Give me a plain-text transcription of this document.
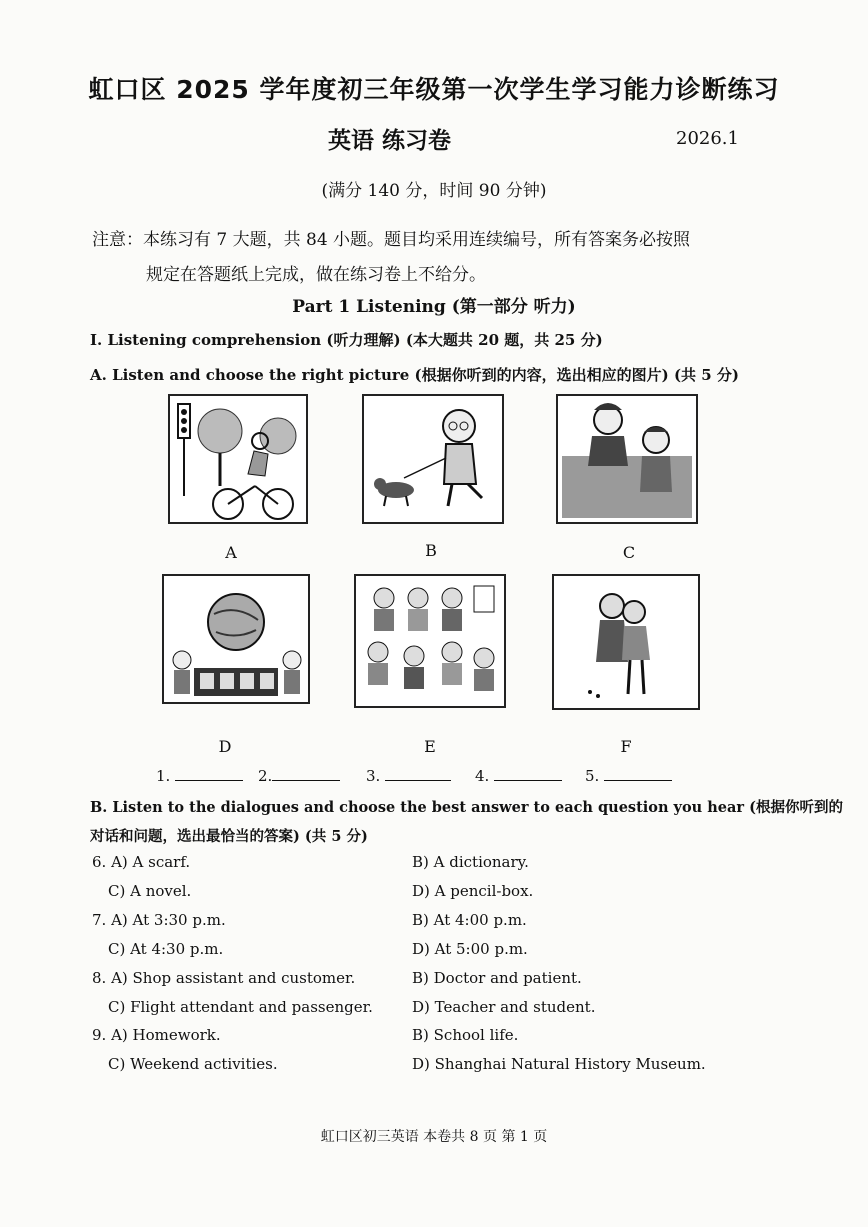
虹口区 2025 学年度初三年级第一次学生学习能力诊断练习
英语 练习卷	2026.1
(满分 140 分，时间 90 分钟)
注意：本练习有 7 大题，共 84 小题。题目均采用连续编号，所有答案务必按照
规定在答题纸上完成，做在练习卷上不给分。
Part 1 Listening (第一部分 听力)
I. Listening comprehension (听力理解) (本大题共 20 题，共 25 分)
A. Listen and choose the right picture (根据你听到的内容，选出相应的图片) (共 5 分)
A	B	C
D	E	F
1.	2.	3.	4.	5.
B. Listen to the dialogues and choose the best answer to each question you hear (根据你听到的
对话和问题，选出最恰当的答案) (共 5 分)
6. A) A scarf.	B) A dictionary.
C) A novel.	D) A pencil-box.
7. A) At 3:30 p.m.	B) At 4:00 p.m.
C) At 4:30 p.m.	D) At 5:00 p.m.
8. A) Shop assistant and customer.	B) Doctor and patient.
C) Flight attendant and passenger.	D) Teacher and student.
9. A) Homework.	B) School life.
C) Weekend activities.	D) Shanghai Natural History Museum.
虹口区初三英语 本卷共 8 页 第 1 页
